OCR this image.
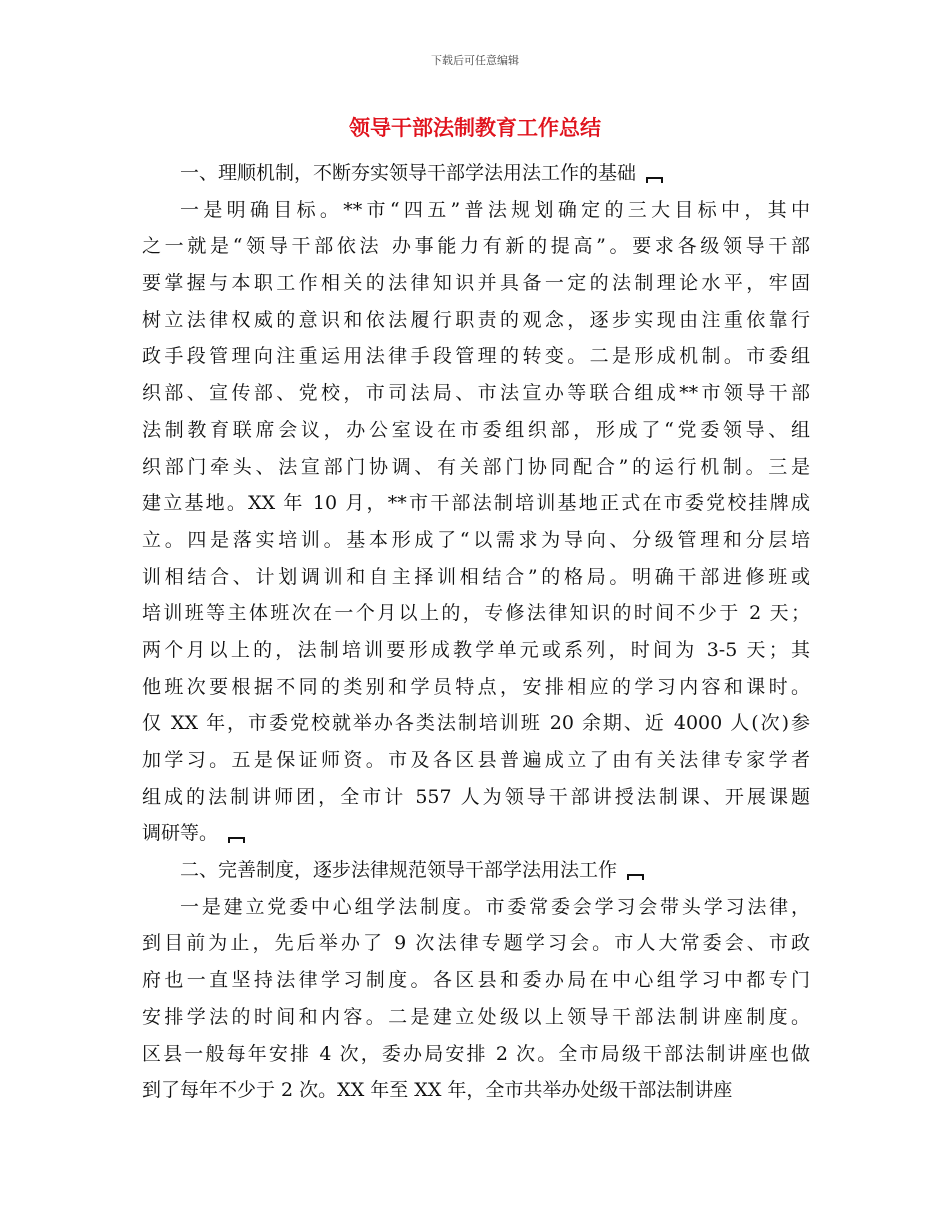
下载后可任意编辑
领导干部法制教育工作总结
一、理顺机制，不断夯实领导干部学法用法工作的基础
一是明确目标。**市“四五”普法规划确定的三大目标中，其中
之一就是“领导干部依法 办事能力有新的提高”。要求各级领导干部
要掌握与本职工作相关的法律知识并具备一定的法制理论水平，牢固
树立法律权威的意识和依法履行职责的观念，逐步实现由注重依靠行
政手段管理向注重运用法律手段管理的转变。二是形成机制。市委组
织部、宣传部、党校，市司法局、市法宣办等联合组成**市领导干部
法制教育联席会议，办公室设在市委组织部，形成了“党委领导、组
织部门牵头、法宣部门协调、有关部门协同配合”的运行机制。三是
建立基地。XX 年 10 月，**市干部法制培训基地正式在市委党校挂牌成
立。四是落实培训。基本形成了“以需求为导向、分级管理和分层培
训相结合、计划调训和自主择训相结合”的格局。明确干部进修班或
培训班等主体班次在一个月以上的，专修法律知识的时间不少于 2 天；
两个月以上的，法制培训要形成教学单元或系列，时间为 3-5 天；其
他班次要根据不同的类别和学员特点，安排相应的学习内容和课时。
仅 XX 年，市委党校就举办各类法制培训班 20 余期、近 4000 人(次)参
加学习。五是保证师资。市及各区县普遍成立了由有关法律专家学者
组成的法制讲师团，全市计 557 人为领导干部讲授法制课、开展课题
调研等。
二、完善制度，逐步法律规范领导干部学法用法工作
一是建立党委中心组学法制度。市委常委会学习会带头学习法律，
到目前为止，先后举办了 9 次法律专题学习会。市人大常委会、市政
府也一直坚持法律学习制度。各区县和委办局在中心组学习中都专门
安排学法的时间和内容。二是建立处级以上领导干部法制讲座制度。
区县一般每年安排 4 次，委办局安排 2 次。全市局级干部法制讲座也做
到了每年不少于 2 次。XX 年至 XX 年，全市共举办处级干部法制讲座
